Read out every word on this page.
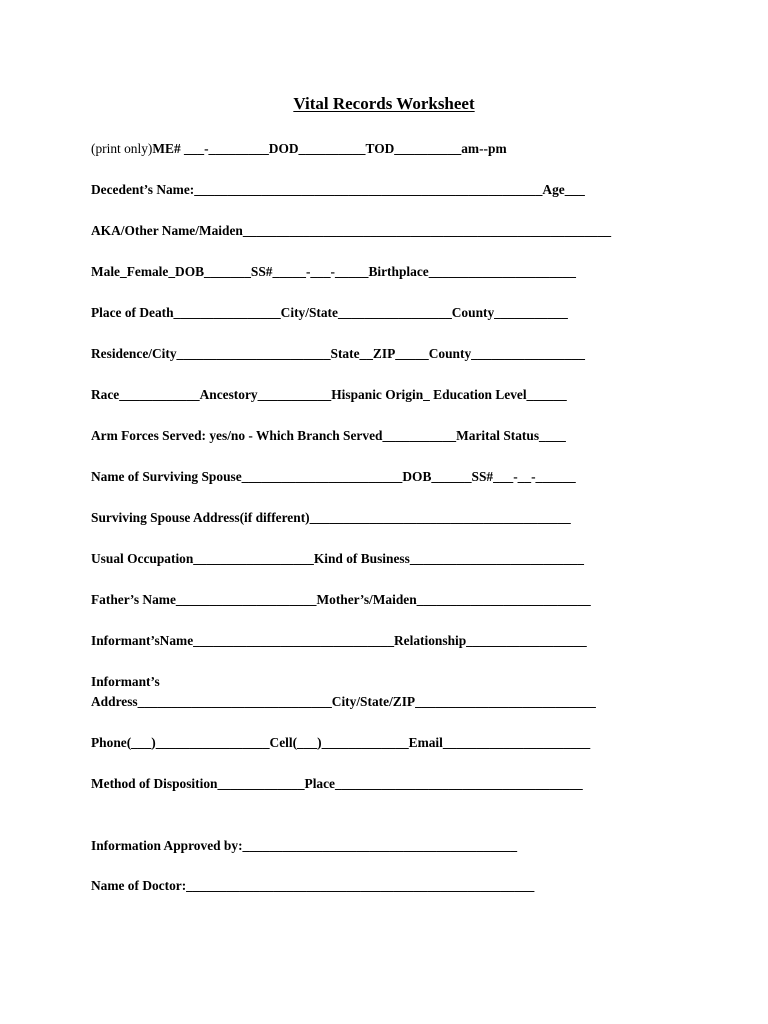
Vital Records Worksheet
(print only)ME# ___-_________DOD__________TOD__________am--pm
Decedent’s Name:____________________________________________________Age___
AKA/Other Name/Maiden_______________________________________________________
Male_Female_DOB_______SS#_____-___-_____Birthplace______________________
Place of Death________________City/State_________________County___________
Residence/City_______________________State__ZIP_____County_________________
Race____________Ancestory___________Hispanic Origin_ Education Level______
Arm Forces Served: yes/no - Which Branch Served___________Marital Status____
Name of Surviving Spouse________________________DOB______SS#___-__-______
Surviving Spouse Address(if different)_______________________________________
Usual Occupation__________________Kind of Business__________________________
Father’s Name_____________________Mother’s/Maiden__________________________
Informant’sName______________________________Relationship__________________
Informant’s
Address_____________________________City/State/ZIP___________________________
Phone(___)_________________Cell(___)_____________Email______________________
Method of Disposition_____________Place_____________________________________
Information Approved by:_________________________________________
Name of Doctor:____________________________________________________
